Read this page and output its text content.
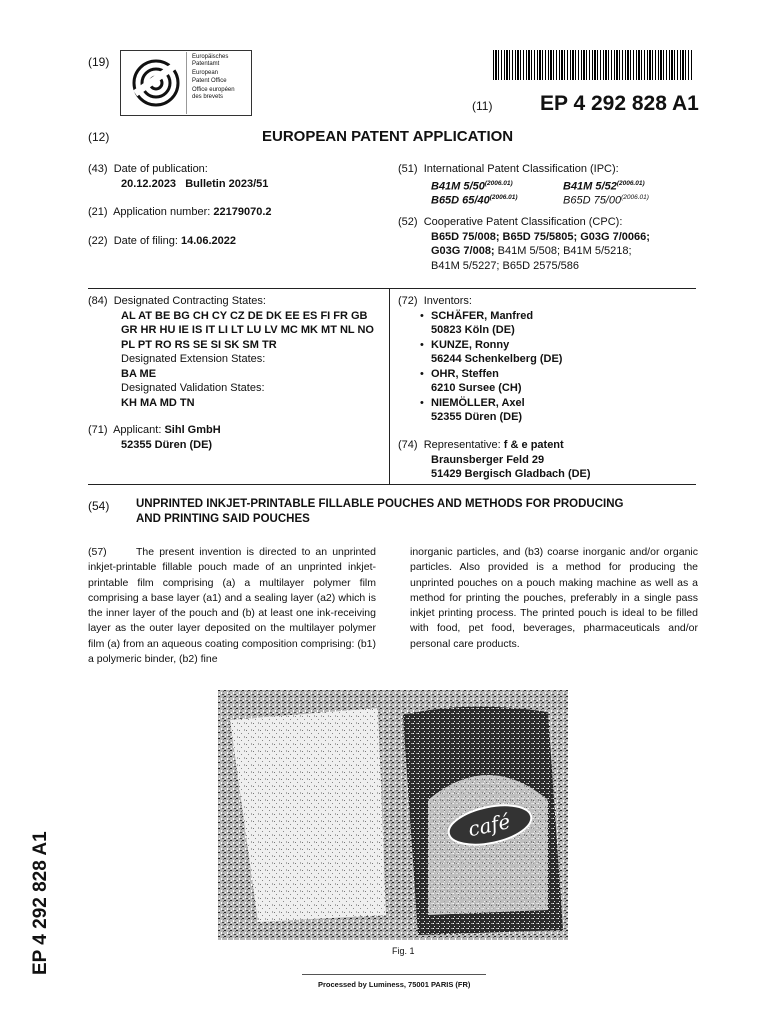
(19)	Europäisches
Patentamt
European
Patent Office
Office européen
des brevets
(11) EP 4 292 828 A1
(12)	EUROPEAN PATENT APPLICATION
(43) Date of publication:
20.12.2023   Bulletin 2023/51
(21) Application number: 22179070.2
(22) Date of filing: 14.06.2022
(51) International Patent Classification (IPC):
B41M $5/50^{(2006.01)}$	B41M $5/52^{(2006.01)}$
B65D $65/40^{(2006.01)}$	B65D $75/00^{(2006.01)}$
(52) Cooperative Patent Classification (CPC):
B65D 75/008; B65D 75/5805; G03G 7/0066;
G03G 7/008; B41M 5/508; B41M 5/5218;
B41M 5/5227; B65D 2575/586
(84) Designated Contracting States:
AL AT BE BG CH CY CZ DE DK EE ES FI FR GB
GR HR HU IE IS IT LI LT LU LV MC MK MT NL NO
PL PT RO RS SE SI SK SM TR
Designated Extension States:
BA ME
Designated Validation States:
KH MA MD TN
(71) Applicant: Sihl GmbH
52355 Düren (DE)
(72) Inventors:
• SCHÄFER, Manfred
50823 Köln (DE)
• KUNZE, Ronny
56244 Schenkelberg (DE)
• OHR, Steffen
6210 Sursee (CH)
• NIEMÖLLER, Axel
52355 Düren (DE)
(74) Representative: f & e patent
Braunsberger Feld 29
51429 Bergisch Gladbach (DE)
(54) UNPRINTED INKJET-PRINTABLE FILLABLE POUCHES AND METHODS FOR PRODUCING
AND PRINTING SAID POUCHES
(57)	The present invention is directed to an unprinted inkjet-printable fillable pouch made of an unprinted inkjet-printable film comprising (a) a multilayer polymer film comprising a base layer (a1) and a sealing layer (a2) which is the inner layer of the pouch and (b) at least one ink-receiving layer as the outer layer deposited on the multilayer polymer film (a) from an aqueous coating composition comprising: (b1) a polymeric binder, (b2) fine
inorganic particles, and (b3) coarse inorganic and/or organic particles. Also provided is a method for producing the unprinted pouches on a pouch making machine as well as a method for printing the pouches, preferably in a single pass inkjet printing process. The printed pouch is ideal to be filled with food, pet food, beverages, pharmaceuticals and/or personal care products.
café
Fig. 1
Processed by Luminess, 75001 PARIS (FR)
EP 4 292 828 A1
